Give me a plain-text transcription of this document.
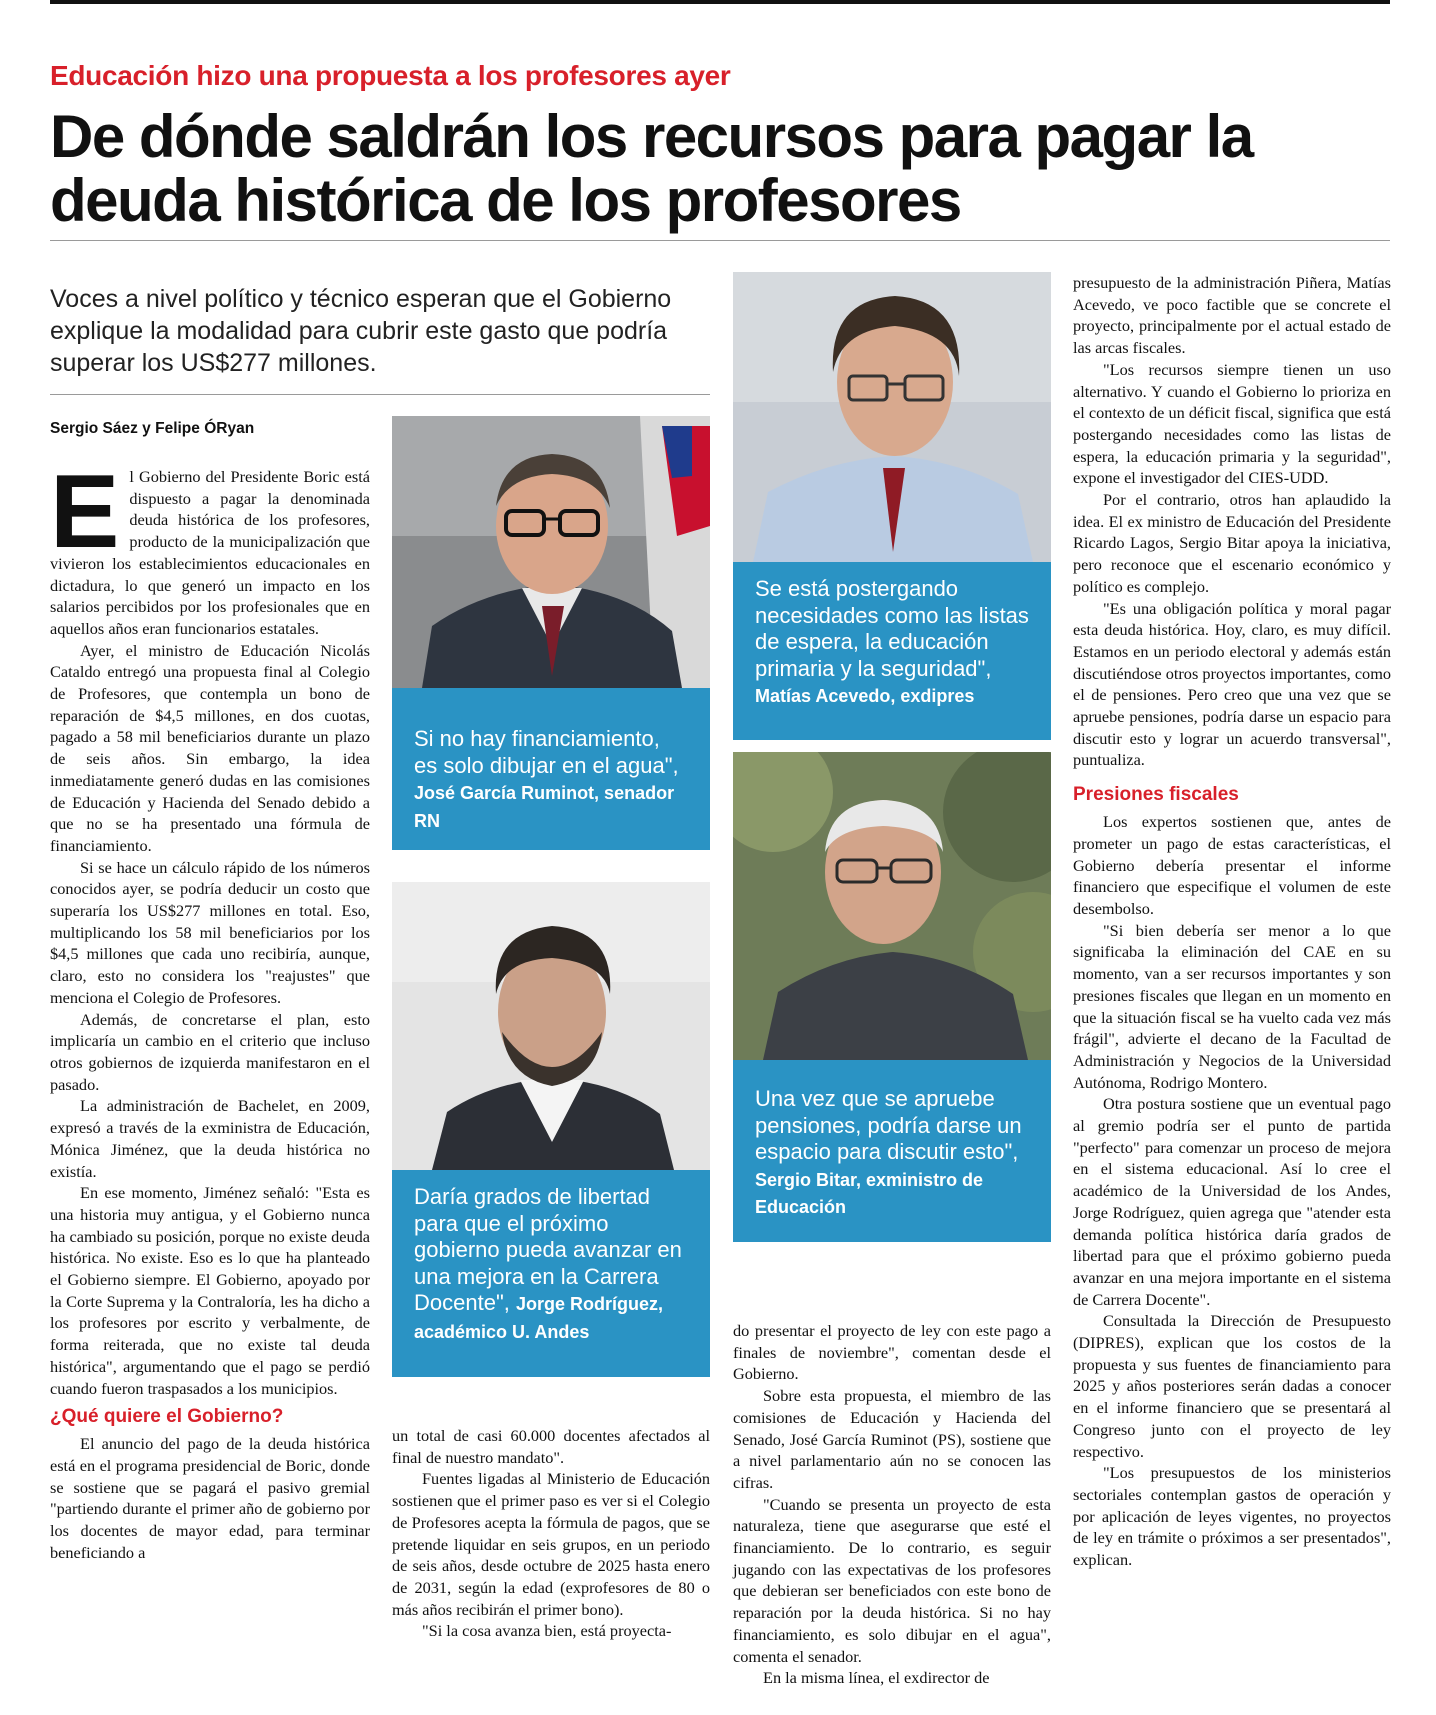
Educación hizo una propuesta a los profesores ayer
De dónde saldrán los recursos para pagar la deuda histórica de los profesores
Voces a nivel político y técnico esperan que el Gobierno explique la modalidad para cubrir este gasto que podría superar los US$277 millones.
Sergio Sáez y Felipe ÓRyan
E l Gobierno del Presidente Boric está dispuesto a pagar la denominada deuda histórica de los profesores, producto de la municipalización que vivieron los establecimientos educacionales en dictadura, lo que generó un impacto en los salarios percibidos por los profesionales que en aquellos años eran funcionarios estatales.

Ayer, el ministro de Educación Nicolás Cataldo entregó una propuesta final al Colegio de Profesores, que contempla un bono de reparación de $4,5 millones, en dos cuotas, pagado a 58 mil beneficiarios durante un plazo de seis años. Sin embargo, la idea inmediatamente generó dudas en las comisiones de Educación y Hacienda del Senado debido a que no se ha presentado una fórmula de financiamiento.

Si se hace un cálculo rápido de los números conocidos ayer, se podría deducir un costo que superaría los US$277 millones en total. Eso, multiplicando los 58 mil beneficiarios por los $4,5 millones que cada uno recibiría, aunque, claro, esto no considera los "reajustes" que menciona el Colegio de Profesores.

Además, de concretarse el plan, esto implicaría un cambio en el criterio que incluso otros gobiernos de izquierda manifestaron en el pasado.

La administración de Bachelet, en 2009, expresó a través de la exministra de Educación, Mónica Jiménez, que la deuda histórica no existía.

En ese momento, Jiménez señaló: "Esta es una historia muy antigua, y el Gobierno nunca ha cambiado su posición, porque no existe deuda histórica. No existe. Eso es lo que ha planteado el Gobierno siempre. El Gobierno, apoyado por la Corte Suprema y la Contraloría, les ha dicho a los profesores por escrito y verbalmente, de forma reiterada, que no existe tal deuda histórica", argumentando que el pago se perdió cuando fueron traspasados a los municipios.

¿Qué quiere el Gobierno?

El anuncio del pago de la deuda histórica está en el programa presidencial de Boric, donde se sostiene que se pagará el pasivo gremial "partiendo durante el primer año de gobierno por los docentes de mayor edad, para terminar beneficiando a

Si no hay financiamiento, es solo dibujar en el agua", José García Ruminot, senador RN
Daría grados de libertad para que el próximo gobierno pueda avanzar en una mejora en la Carrera Docente", Jorge Rodríguez, académico U. Andes

un total de casi 60.000 docentes afectados al final de nuestro mandato".

Fuentes ligadas al Ministerio de Educación sostienen que el primer paso es ver si el Colegio de Profesores acepta la fórmula de pagos, que se pretende liquidar en seis grupos, en un periodo de seis años, desde octubre de 2025 hasta enero de 2031, según la edad (exprofesores de 80 o más años recibirán el primer bono).

"Si la cosa avanza bien, está proyecta-

Se está postergando necesidades como las listas de espera, la educación primaria y la seguridad", Matías Acevedo, exdipres
Una vez que se apruebe pensiones, podría darse un espacio para discutir esto", Sergio Bitar, exministro de Educación

do presentar el proyecto de ley con este pago a finales de noviembre", comentan desde el Gobierno.

Sobre esta propuesta, el miembro de las comisiones de Educación y Hacienda del Senado, José García Ruminot (PS), sostiene que a nivel parlamentario aún no se conocen las cifras.

"Cuando se presenta un proyecto de esta naturaleza, tiene que asegurarse que esté el financiamiento. De lo contrario, es seguir jugando con las expectativas de los profesores que debieran ser beneficiados con este bono de reparación por la deuda histórica. Si no hay financiamiento, es solo dibujar en el agua", comenta el senador.

En la misma línea, el exdirector de

presupuesto de la administración Piñera, Matías Acevedo, ve poco factible que se concrete el proyecto, principalmente por el actual estado de las arcas fiscales.

"Los recursos siempre tienen un uso alternativo. Y cuando el Gobierno lo prioriza en el contexto de un déficit fiscal, significa que está postergando necesidades como las listas de espera, la educación primaria y la seguridad", expone el investigador del CIES-UDD.

Por el contrario, otros han aplaudido la idea. El ex ministro de Educación del Presidente Ricardo Lagos, Sergio Bitar apoya la iniciativa, pero reconoce que el escenario económico y político es complejo.

"Es una obligación política y moral pagar esta deuda histórica. Hoy, claro, es muy difícil. Estamos en un periodo electoral y además están discutiéndose otros proyectos importantes, como el de pensiones. Pero creo que una vez que se apruebe pensiones, podría darse un espacio para discutir esto y lograr un acuerdo transversal", puntualiza.

Presiones fiscales

Los expertos sostienen que, antes de prometer un pago de estas características, el Gobierno debería presentar el informe financiero que especifique el volumen de este desembolso.

"Si bien debería ser menor a lo que significaba la eliminación del CAE en su momento, van a ser recursos importantes y son presiones fiscales que llegan en un momento en que la situación fiscal se ha vuelto cada vez más frágil", advierte el decano de la Facultad de Administración y Negocios de la Universidad Autónoma, Rodrigo Montero.

Otra postura sostiene que un eventual pago al gremio podría ser el punto de partida "perfecto" para comenzar un proceso de mejora en el sistema educacional. Así lo cree el académico de la Universidad de los Andes, Jorge Rodríguez, quien agrega que "atender esta demanda política histórica daría grados de libertad para que el próximo gobierno pueda avanzar en una mejora importante en el sistema de Carrera Docente".

Consultada la Dirección de Presupuesto (DIPRES), explican que los costos de la propuesta y sus fuentes de financiamiento para 2025 y años posteriores serán dadas a conocer en el informe financiero que se presentará al Congreso junto con el proyecto de ley respectivo.

"Los presupuestos de los ministerios sectoriales contemplan gastos de operación y por aplicación de leyes vigentes, no proyectos de ley en trámite o próximos a ser presentados", explican.
